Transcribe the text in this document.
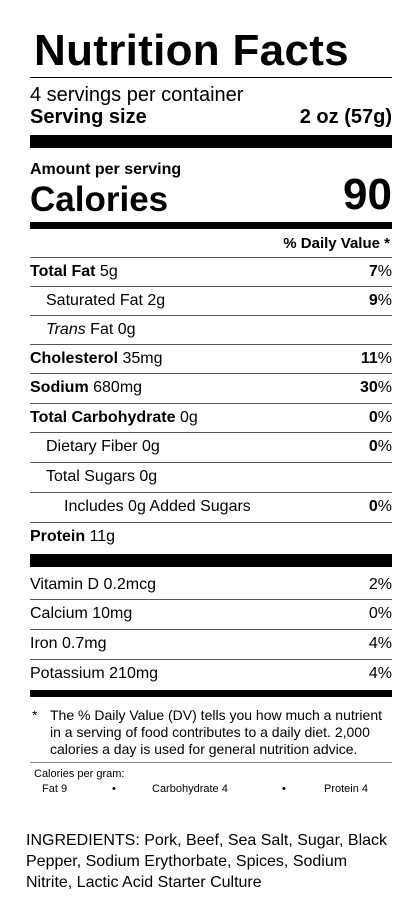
Nutrition Facts
4 servings per container
Serving size	2 oz (57g)
Amount per serving
Calories	90
% Daily Value *
Total Fat 5g	7%
Saturated Fat 2g	9%
Trans Fat 0g
Cholesterol 35mg	11%
Sodium 680mg	30%
Total Carbohydrate 0g	0%
Dietary Fiber 0g	0%
Total Sugars 0g
Includes 0g Added Sugars	0%
Protein 11g
Vitamin D 0.2mcg	2%
Calcium 10mg	0%
Iron 0.7mg	4%
Potassium 210mg	4%
* The % Daily Value (DV) tells you how much a nutrient in a serving of food contributes to a daily diet. 2,000 calories a day is used for general nutrition advice.
Calories per gram:
Fat 9	•	Carbohydrate 4	•	Protein 4
INGREDIENTS: Pork, Beef, Sea Salt, Sugar, Black Pepper, Sodium Erythorbate, Spices, Sodium Nitrite, Lactic Acid Starter Culture
